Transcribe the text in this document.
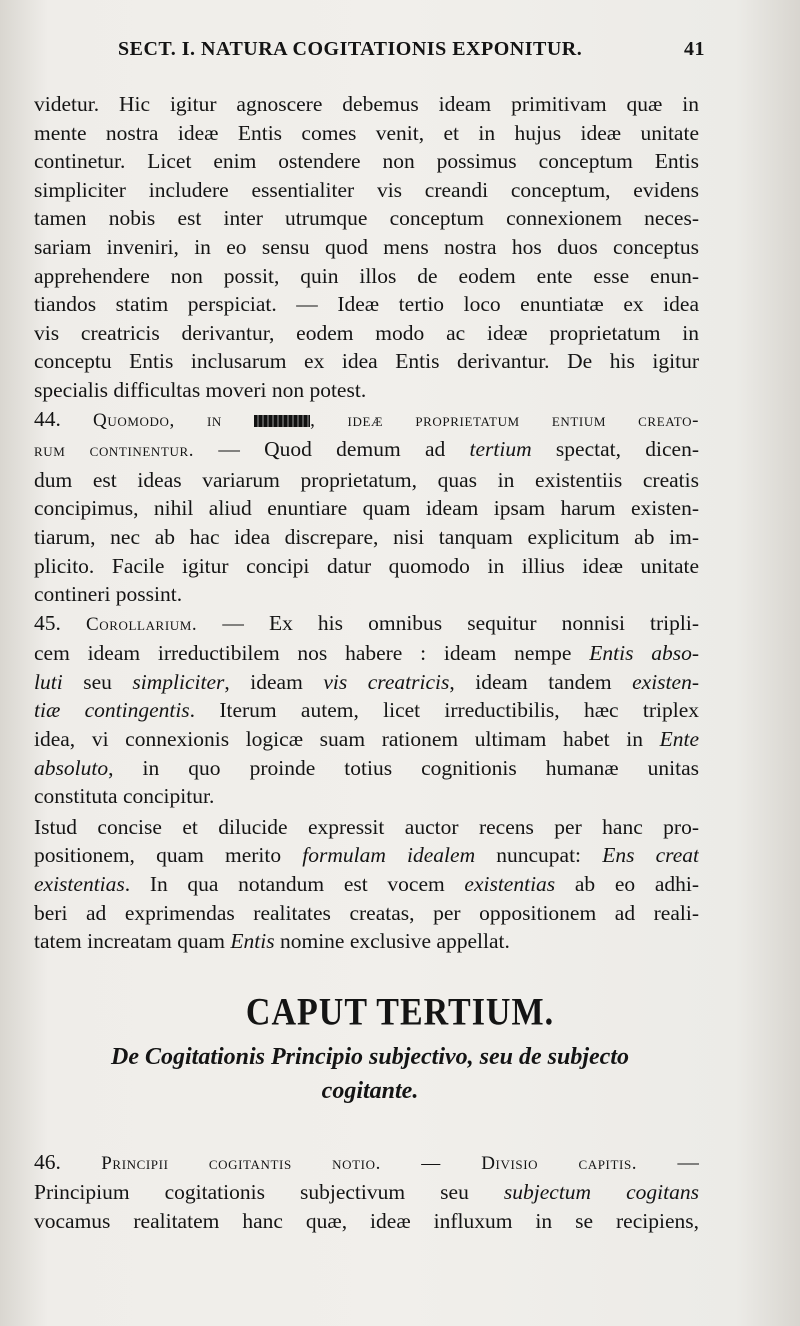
SECT. I. NATURA COGITATIONIS EXPONITUR.	41

videtur. Hic igitur agnoscere debemus ideam primitivam quæ in
mente nostra ideæ Entis comes venit, et in hujus ideæ unitate
continetur. Licet enim ostendere non possimus conceptum Entis
simpliciter includere essentialiter vis creandi conceptum, evidens
tamen nobis est inter utrumque conceptum connexionem neces-
sariam inveniri, in eo sensu quod mens nostra hos duos conceptus
apprehendere non possit, quin illos de eodem ente esse enun-
tiandos statim perspiciat. — Ideæ tertio loco enuntiatæ ex idea
vis creatricis derivantur, eodem modo ac ideæ proprietatum in
conceptu Entis inclusarum ex idea Entis derivantur. De his igitur
specialis difficultas moveri non potest.

44. Quomodo, in	, ideæ proprietatum entium creato-
rum continentur. — Quod demum ad tertium spectat, dicen-
dum est ideas variarum proprietatum, quas in existentiis creatis
concipimus, nihil aliud enuntiare quam ideam ipsam harum existen-
tiarum, nec ab hac idea discrepare, nisi tanquam explicitum ab im-
plicito. Facile igitur concipi datur quomodo in illius ideæ unitate
contineri possint.

45. Corollarium. — Ex his omnibus sequitur nonnisi tripli-
cem ideam irreductibilem nos habere : ideam nempe Entis abso-
luti seu simpliciter, ideam vis creatricis, ideam tandem existen-
tiæ contingentis. Iterum autem, licet irreductibilis, hæc triplex
idea, vi connexionis logicæ suam rationem ultimam habet in Ente
absoluto, in quo proinde totius cognitionis humanæ unitas
constituta concipitur.

Istud concise et dilucide expressit auctor recens per hanc pro-
positionem, quam merito formulam idealem nuncupat: Ens creat
existentias. In qua notandum est vocem existentias ab eo adhi-
beri ad exprimendas realitates creatas, per oppositionem ad reali-
tatem increatam quam Entis nomine exclusive appellat.

CAPUT TERTIUM.
De Cogitationis Principio subjectivo, seu de subjecto
cogitante.
46. Principii cogitantis notio. — Divisio capitis. —
Principium cogitationis subjectivum seu subjectum cogitans
vocamus realitatem hanc quæ, ideæ influxum in se recipiens,
